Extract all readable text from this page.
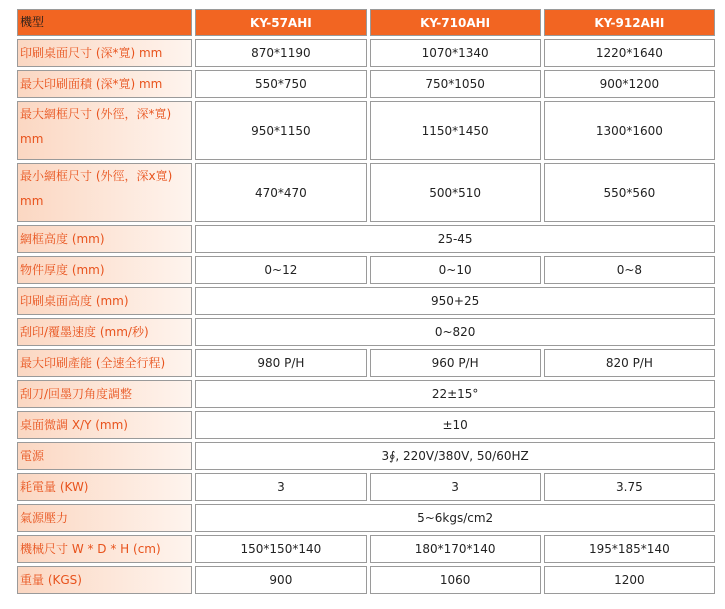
機型	KY-57AHI	KY-710AHI	KY-912AHI
印刷桌面尺寸 (深*寬) mm	870*1190	1070*1340	1220*1640
最大印刷面積 (深*寬) mm	550*750	750*1050	900*1200
最大網框尺寸 (外徑，深*寬) mm	950*1150	1150*1450	1300*1600
最小網框尺寸 (外徑，深x寬) mm	470*470	500*510	550*560
網框高度 (mm)	25-45		
物件厚度 (mm)	0~12	0~10	0~8
印刷桌面高度 (mm)	950+25		
刮印/覆墨速度 (mm/秒)	0~820		
最大印刷產能 (全速全行程)	980 P/H	960 P/H	820 P/H
刮刀/回墨刀角度調整	22±15°		
桌面微調 X/Y (mm)	±10		
電源	3∮, 220V/380V, 50/60HZ		
耗電量 (KW)	3	3	3.75
氣源壓力	5~6kgs/cm2		
機械尺寸 W * D * H (cm)	150*150*140	180*170*140	195*185*140
重量 (KGS)	900	1060	1200
